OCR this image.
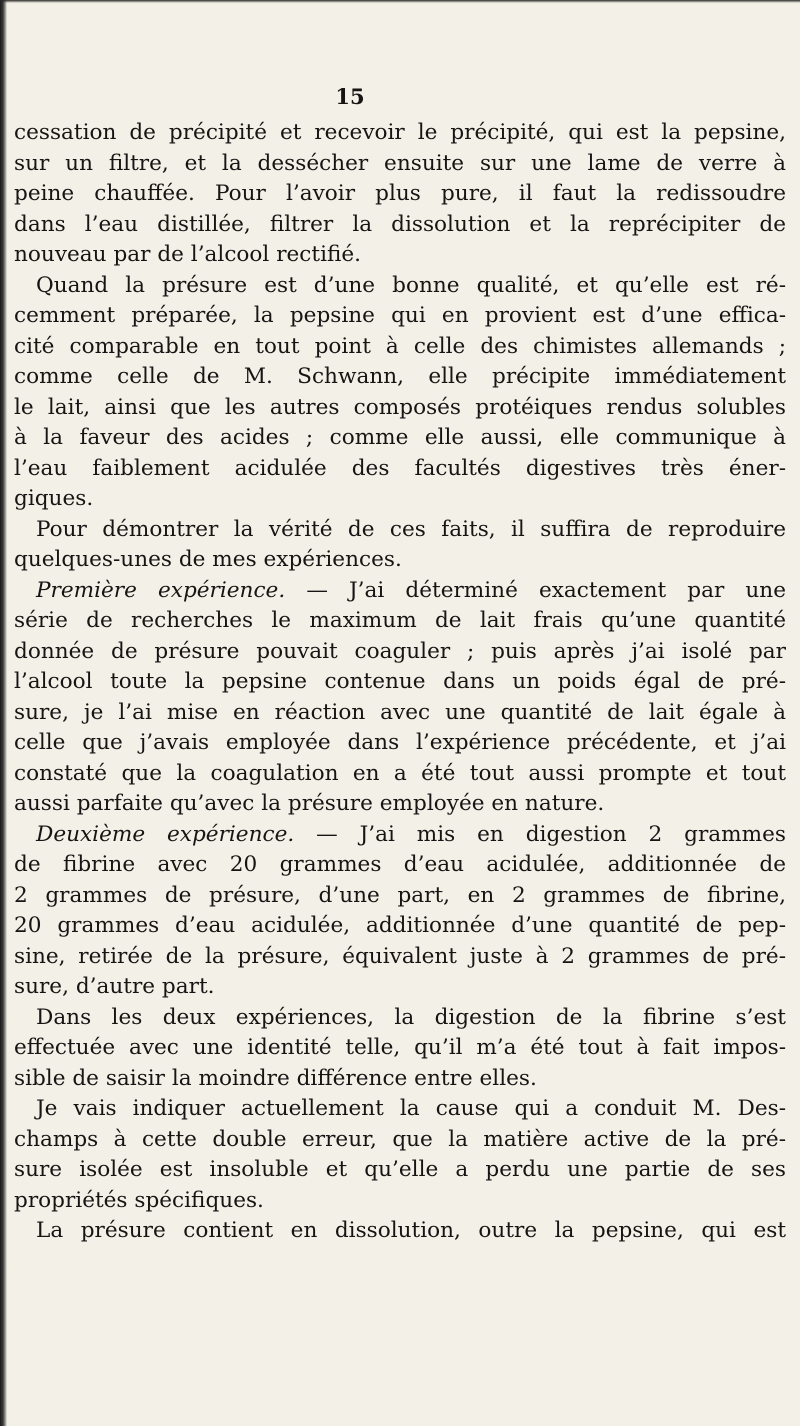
15
cessation de précipité et recevoir le précipité, qui est la pepsine,
sur un filtre, et la dessécher ensuite sur une lame de verre à
peine chauffée. Pour l’avoir plus pure, il faut la redissoudre
dans l’eau distillée, filtrer la dissolution et la reprécipiter de
nouveau par de l’alcool rectifié.
Quand la présure est d’une bonne qualité, et qu’elle est ré-
cemment préparée, la pepsine qui en provient est d’une effica-
cité comparable en tout point à celle des chimistes allemands ;
comme celle de M. Schwann, elle précipite immédiatement
le lait, ainsi que les autres composés protéiques rendus solubles
à la faveur des acides ; comme elle aussi, elle communique à
l’eau faiblement acidulée des facultés digestives très éner-
giques.
Pour démontrer la vérité de ces faits, il suffira de reproduire
quelques-unes de mes expériences.
Première expérience. — J’ai déterminé exactement par une
série de recherches le maximum de lait frais qu’une quantité
donnée de présure pouvait coaguler ; puis après j’ai isolé par
l’alcool toute la pepsine contenue dans un poids égal de pré-
sure, je l’ai mise en réaction avec une quantité de lait égale à
celle que j’avais employée dans l’expérience précédente, et j’ai
constaté que la coagulation en a été tout aussi prompte et tout
aussi parfaite qu’avec la présure employée en nature.
Deuxième expérience. — J’ai mis en digestion 2 grammes
de fibrine avec 20 grammes d’eau acidulée, additionnée de
2 grammes de présure, d’une part, en 2 grammes de fibrine,
20 grammes d’eau acidulée, additionnée d’une quantité de pep-
sine, retirée de la présure, équivalent juste à 2 grammes de pré-
sure, d’autre part.
Dans les deux expériences, la digestion de la fibrine s’est
effectuée avec une identité telle, qu’il m’a été tout à fait impos-
sible de saisir la moindre différence entre elles.
Je vais indiquer actuellement la cause qui a conduit M. Des-
champs à cette double erreur, que la matière active de la pré-
sure isolée est insoluble et qu’elle a perdu une partie de ses
propriétés spécifiques.
La présure contient en dissolution, outre la pepsine, qui est
